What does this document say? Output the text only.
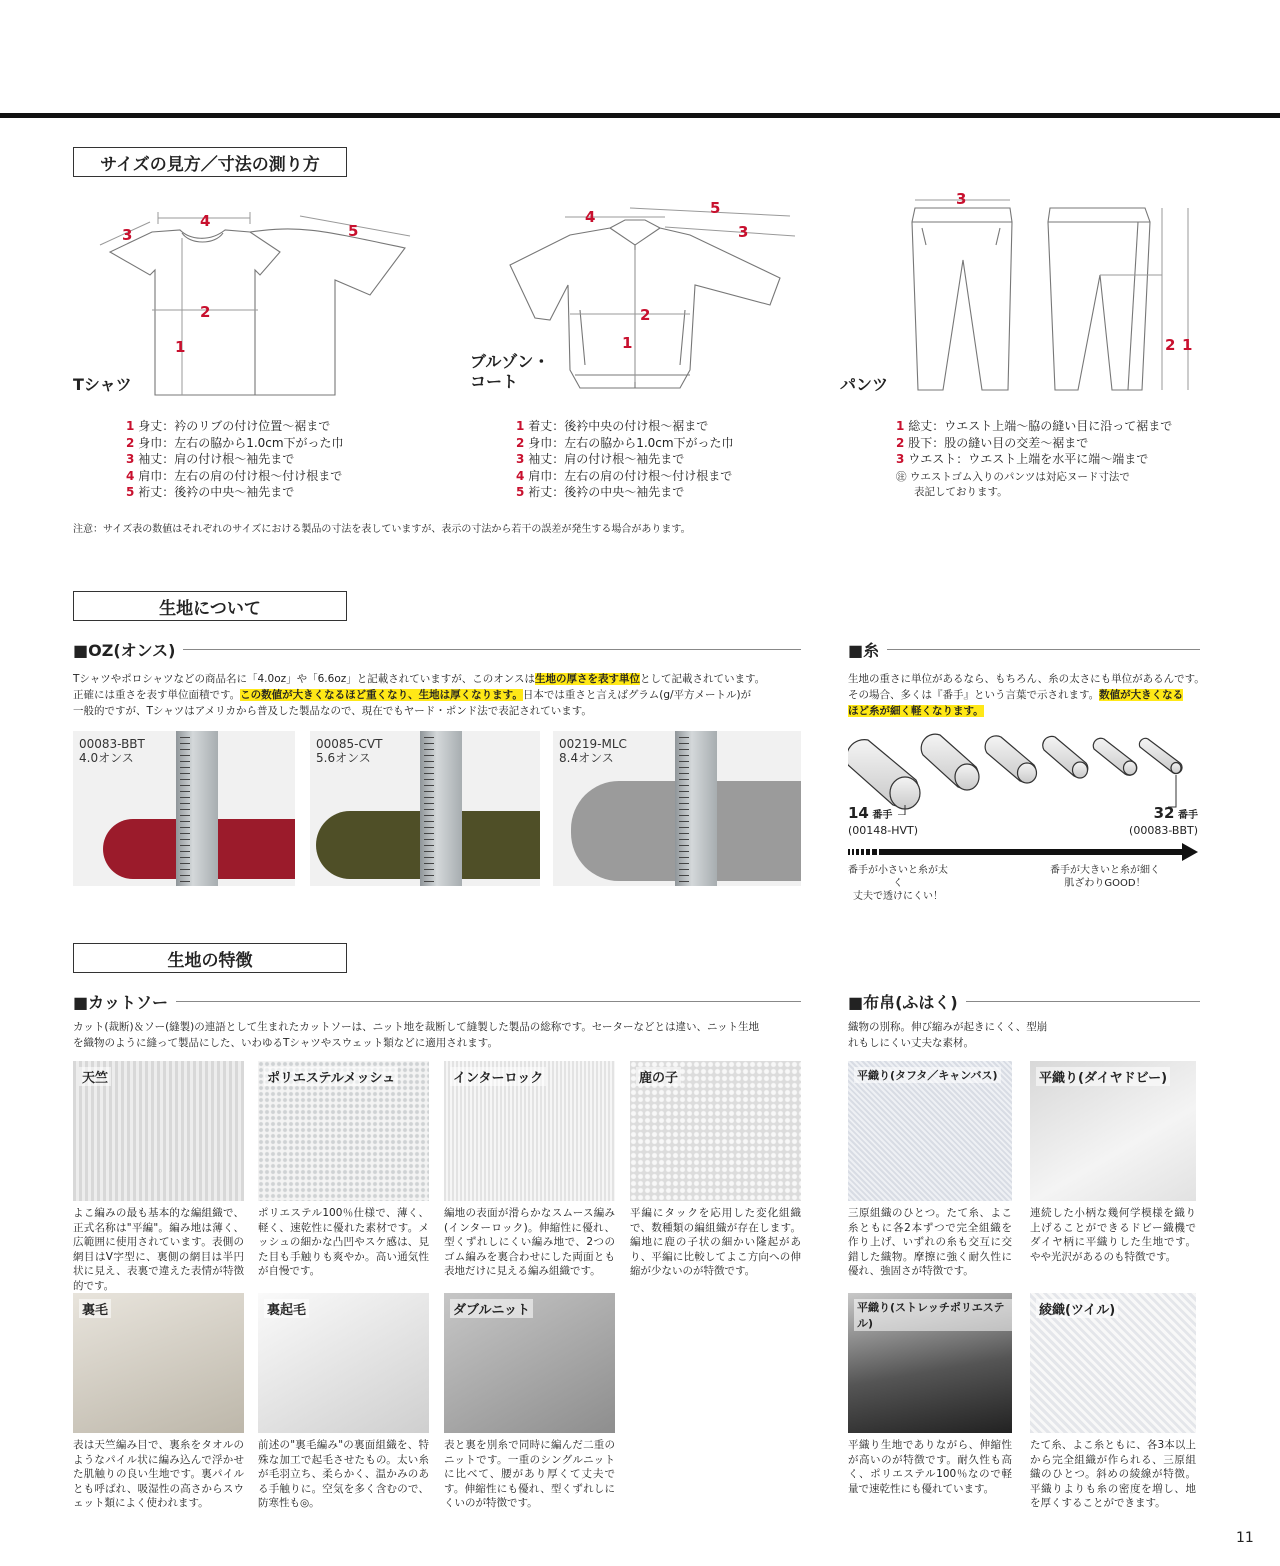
サイズの見方／寸法の測り方
4
3	5
2
1
Tシャツ
4	5
3
2
1
ブルゾン・
コート
3
2 1
パンツ
1 身丈：衿のリブの付け位置〜裾まで
2 身巾：左右の脇から1.0cm下がった巾
3 袖丈：肩の付け根〜袖先まで
4 肩巾：左右の肩の付け根〜付け根まで
5 裄丈：後衿の中央〜袖先まで
1 着丈：後衿中央の付け根〜裾まで
2 身巾：左右の脇から1.0cm下がった巾
3 袖丈：肩の付け根〜袖先まで
4 肩巾：左右の肩の付け根〜付け根まで
5 裄丈：後衿の中央〜袖先まで
1 総丈：ウエスト上端〜脇の縫い目に沿って裾まで
2 股下：股の縫い目の交差〜裾まで
3 ウエスト：ウエスト上端を水平に端〜端まで
㊟ ウエストゴム入りのパンツは対応ヌード寸法で
表記しております。
注意：サイズ表の数値はそれぞれのサイズにおける製品の寸法を表していますが、表示の寸法から若干の誤差が発生する場合があります。
生地について
■OZ(オンス)
Tシャツやポロシャツなどの商品名に「4.0oz」や「6.6oz」と記載されていますが、このオンスは生地の厚さを表す単位として記載されています。
正確には重さを表す単位面積です。この数値が大きくなるほど重くなり、生地は厚くなります。日本では重さと言えばグラム(g/平方メートル)が
一般的ですが、Tシャツはアメリカから普及した製品なので、現在でもヤード・ポンド法で表記されています。
00083-BBT
4.0オンス
00085-CVT
5.6オンス
00219-MLC
8.4オンス
■糸
生地の重さに単位があるなら、もちろん、糸の太さにも単位があるんです。
その場合、多くは『番手』という言葉で示されます。数値が大きくなる
ほど糸が細く軽くなります。
14 番手
(00148-HVT)
32 番手
(00083-BBT)
番手が小さいと糸が太く
丈夫で透けにくい！
番手が大きいと糸が細く
肌ざわりGOOD！
生地の特徴
■カットソー
カット(裁断)＆ソー(縫製)の連語として生まれたカットソーは、ニット地を裁断して縫製した製品の総称です。セーターなどとは違い、ニット生地
を織物のように縫って製品にした、いわゆるTシャツやスウェット類などに適用されます。
■布帛(ふはく)
織物の別称。伸び縮みが起きにくく、型崩
れもしにくい丈夫な素材。
天竺
よこ編みの最も基本的な編組織で、正式名称は"平編"。編み地は薄く、広範囲に使用されています。表側の網目はV字型に、裏側の網目は半円状に見え、表裏で違えた表情が特徴的です。
ポリエステルメッシュ
ポリエステル100％仕様で、薄く、軽く、速乾性に優れた素材です。メッシュの細かな凸凹やスケ感は、見た目も手触りも爽やか。高い通気性が自慢です。
インターロック
編地の表面が滑らかなスムース編み(インターロック)。伸縮性に優れ、型くずれしにくい編み地で、2つのゴム編みを裏合わせにした両面とも表地だけに見える編み組織です。
鹿の子
平編にタックを応用した変化組織で、数種類の編組織が存在します。編地に鹿の子状の細かい隆起があり、平編に比較してよこ方向への伸縮が少ないのが特徴です。
裏毛
表は天竺編み目で、裏糸をタオルのようなパイル状に編み込んで浮かせた肌触りの良い生地です。裏パイルとも呼ばれ、吸湿性の高さからスウェット類によく使われます。
裏起毛
前述の"裏毛編み"の裏面組織を、特殊な加工で起毛させたもの。太い糸が毛羽立ち、柔らかく、温かみのある手触りに。空気を多く含むので、防寒性も◎。
ダブルニット
表と裏を別糸で同時に編んだ二重のニットです。一重のシングルニットに比べて、腰があり厚くて丈夫です。伸縮性にも優れ、型くずれしにくいのが特徴です。
平織り(タフタ／キャンバス)
三原組織のひとつ。たて糸、よこ糸ともに各2本ずつで完全組織を作り上げ、いずれの糸も交互に交錯した織物。摩擦に強く耐久性に優れ、強固さが特徴です。
平織り(ダイヤドビー)
連続した小柄な幾何学模様を織り上げることができるドビー織機でダイヤ柄に平織りした生地です。やや光沢があるのも特徴です。
平織り(ストレッチポリエステル)
平織り生地でありながら、伸縮性が高いのが特徴です。耐久性も高く、ポリエステル100％なので軽量で速乾性にも優れています。
綾織(ツイル)
たて糸、よこ糸ともに、各3本以上から完全組織が作られる、三原組織のひとつ。斜めの綾線が特徴。平織りよりも糸の密度を増し、地を厚くすることができます。
11
